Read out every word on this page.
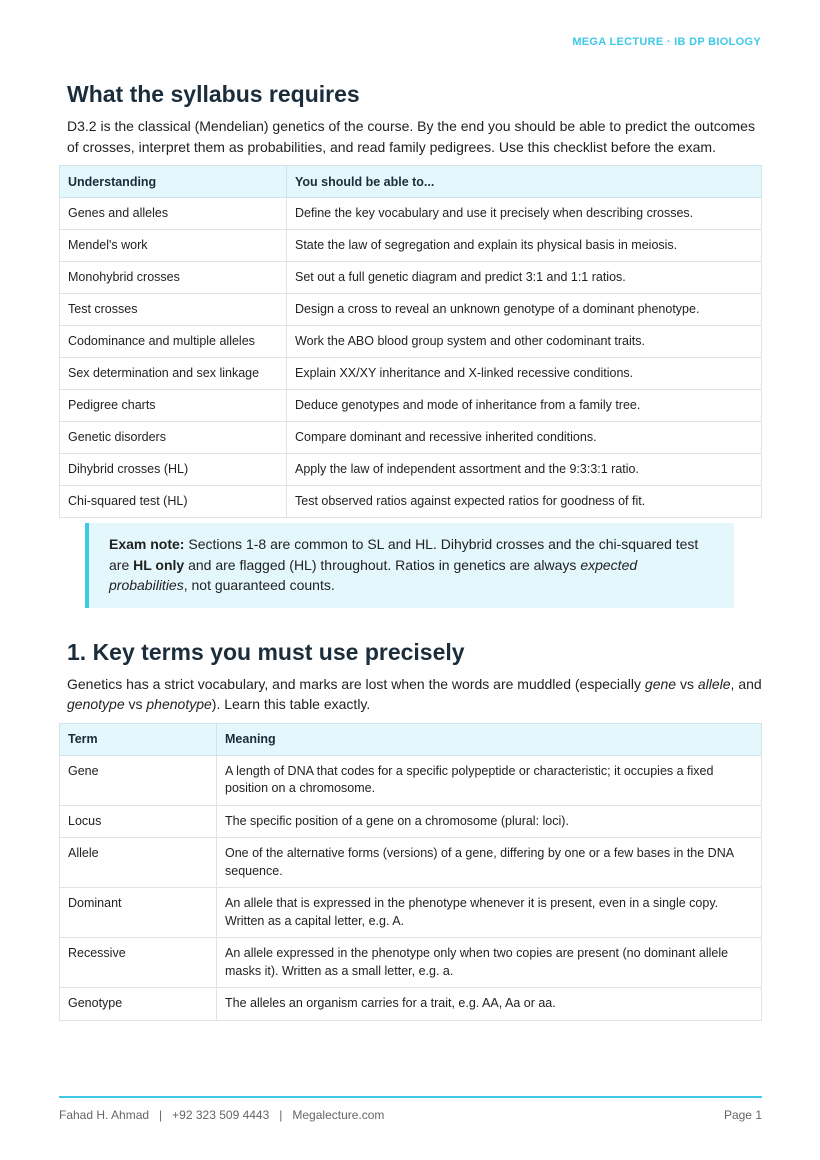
MEGA LECTURE · IB DP BIOLOGY
What the syllabus requires

D3.2 is the classical (Mendelian) genetics of the course. By the end you should be able to predict the outcomes of crosses, interpret them as probabilities, and read family pedigrees. Use this checklist before the exam.

Understanding	You should be able to...
Genes and alleles	Define the key vocabulary and use it precisely when describing crosses.
Mendel's work	State the law of segregation and explain its physical basis in meiosis.
Monohybrid crosses	Set out a full genetic diagram and predict 3:1 and 1:1 ratios.
Test crosses	Design a cross to reveal an unknown genotype of a dominant phenotype.
Codominance and multiple alleles	Work the ABO blood group system and other codominant traits.
Sex determination and sex linkage	Explain XX/XY inheritance and X-linked recessive conditions.
Pedigree charts	Deduce genotypes and mode of inheritance from a family tree.
Genetic disorders	Compare dominant and recessive inherited conditions.
Dihybrid crosses (HL)	Apply the law of independent assortment and the 9:3:3:1 ratio.
Chi-squared test (HL)	Test observed ratios against expected ratios for goodness of fit.
Exam note: Sections 1-8 are common to SL and HL. Dihybrid crosses and the chi-squared test are HL only and are flagged (HL) throughout. Ratios in genetics are always expected probabilities, not guaranteed counts.
1. Key terms you must use precisely

Genetics has a strict vocabulary, and marks are lost when the words are muddled (especially gene vs allele, and genotype vs phenotype). Learn this table exactly.

Term	Meaning
Gene	A length of DNA that codes for a specific polypeptide or characteristic; it occupies a fixed position on a chromosome.
Locus	The specific position of a gene on a chromosome (plural: loci).
Allele	One of the alternative forms (versions) of a gene, differing by one or a few bases in the DNA sequence.
Dominant	An allele that is expressed in the phenotype whenever it is present, even in a single copy. Written as a capital letter, e.g. A.
Recessive	An allele expressed in the phenotype only when two copies are present (no dominant allele masks it). Written as a small letter, e.g. a.
Genotype	The alleles an organism carries for a trait, e.g. AA, Aa or aa.
Fahad H. Ahmad   |   +92 323 509 4443   |   Megalecture.com	Page 1
